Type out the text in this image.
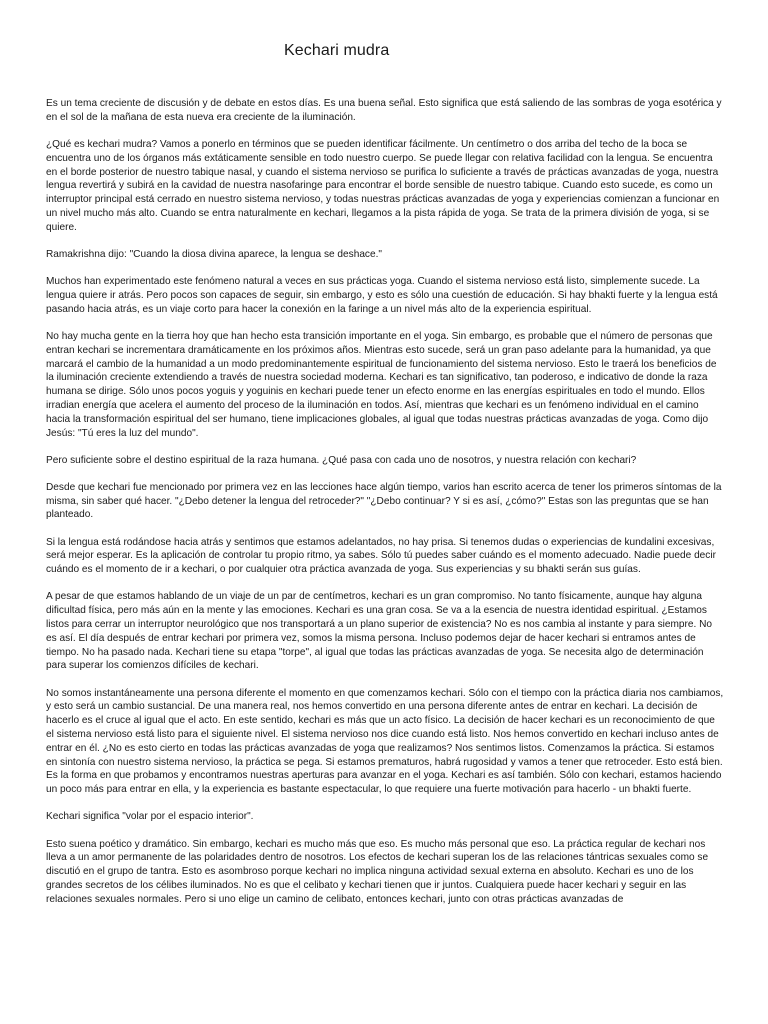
Kechari mudra

Es un tema creciente de discusión y de debate en estos días. Es una buena señal. Esto significa que está saliendo de las sombras de yoga esotérica y en el sol de la mañana de esta nueva era creciente de la iluminación.

¿Qué es kechari mudra? Vamos a ponerlo en términos que se pueden identificar fácilmente. Un centímetro o dos arriba del techo de la boca se encuentra uno de los órganos más extáticamente sensible en todo nuestro cuerpo. Se puede llegar con relativa facilidad con la lengua. Se encuentra en el borde posterior de nuestro tabique nasal, y cuando el sistema nervioso se purifica lo suficiente a través de prácticas avanzadas de yoga, nuestra lengua revertirá y subirá en la cavidad de nuestra nasofaringe para encontrar el borde sensible de nuestro tabique. Cuando esto sucede, es como un interruptor principal está cerrado en nuestro sistema nervioso, y todas nuestras prácticas avanzadas de yoga y experiencias comienzan a funcionar en un nivel mucho más alto. Cuando se entra naturalmente en kechari, llegamos a la pista rápida de yoga. Se trata de la primera división de yoga, si se quiere.

Ramakrishna dijo: "Cuando la diosa divina aparece, la lengua se deshace."

Muchos han experimentado este fenómeno natural a veces en sus prácticas yoga. Cuando el sistema nervioso está listo, simplemente sucede. La lengua quiere ir atrás. Pero pocos son capaces de seguir, sin embargo, y esto es sólo una cuestión de educación. Si hay bhakti fuerte y la lengua está pasando hacia atrás, es un viaje corto para hacer la conexión en la faringe a un nivel más alto de la experiencia espiritual.

No hay mucha gente en la tierra hoy que han hecho esta transición importante en el yoga. Sin embargo, es probable que el número de personas que entran kechari se incrementara dramáticamente en los próximos años. Mientras esto sucede, será un gran paso adelante para la humanidad, ya que marcará el cambio de la humanidad a un modo predominantemente espiritual de funcionamiento del sistema nervioso. Esto le traerá los beneficios de la iluminación creciente extendiendo a través de nuestra sociedad moderna. Kechari es tan significativo, tan poderoso, e indicativo de donde la raza humana se dirige. Sólo unos pocos yoguis y yoguinis en kechari puede tener un efecto enorme en las energías espirituales en todo el mundo. Ellos irradian energía que acelera el aumento del proceso de la iluminación en todos. Así, mientras que kechari es un fenómeno individual en el camino hacia la transformación espiritual del ser humano, tiene implicaciones globales, al igual que todas nuestras prácticas avanzadas de yoga. Como dijo Jesús: "Tú eres la luz del mundo".

Pero suficiente sobre el destino espiritual de la raza humana. ¿Qué pasa con cada uno de nosotros, y nuestra relación con kechari?

Desde que kechari fue mencionado por primera vez en las lecciones hace algún tiempo, varios han escrito acerca de tener los primeros síntomas de la misma, sin saber qué hacer. "¿Debo detener la lengua del retroceder?" "¿Debo continuar? Y si es así, ¿cómo?" Estas son las preguntas que se han planteado.

Si la lengua está rodándose hacia atrás y sentimos que estamos adelantados, no hay prisa. Si tenemos dudas o experiencias de kundalini excesivas, será mejor esperar. Es la aplicación de controlar tu propio ritmo, ya sabes. Sólo tú puedes saber cuándo es el momento adecuado. Nadie puede decir cuándo es el momento de ir a kechari, o por cualquier otra práctica avanzada de yoga. Sus experiencias y su bhakti serán sus guías.

A pesar de que estamos hablando de un viaje de un par de centímetros, kechari es un gran compromiso. No tanto físicamente, aunque hay alguna dificultad física, pero más aún en la mente y las emociones. Kechari es una gran cosa. Se va a la esencia de nuestra identidad espiritual. ¿Estamos listos para cerrar un interruptor neurológico que nos transportará a un plano superior de existencia? No es nos cambia al instante y para siempre. No es así. El día después de entrar kechari por primera vez, somos la misma persona. Incluso podemos dejar de hacer kechari si entramos antes de tiempo. No ha pasado nada. Kechari tiene su etapa "torpe", al igual que todas las prácticas avanzadas de yoga. Se necesita algo de determinación para superar los comienzos difíciles de kechari.

No somos instantáneamente una persona diferente el momento en que comenzamos kechari. Sólo con el tiempo con la práctica diaria nos cambiamos, y esto será un cambio sustancial. De una manera real, nos hemos convertido en una persona diferente antes de entrar en kechari. La decisión de hacerlo es el cruce al igual que el acto. En este sentido, kechari es más que un acto físico. La decisión de hacer kechari es un reconocimiento de que el sistema nervioso está listo para el siguiente nivel. El sistema nervioso nos dice cuando está listo. Nos hemos convertido en kechari incluso antes de entrar en él. ¿No es esto cierto en todas las prácticas avanzadas de yoga que realizamos? Nos sentimos listos. Comenzamos la práctica. Si estamos en sintonía con nuestro sistema nervioso, la práctica se pega. Si estamos prematuros, habrá rugosidad y vamos a tener que retroceder. Esto está bien. Es la forma en que probamos y encontramos nuestras aperturas para avanzar en el yoga. Kechari es así también. Sólo con kechari, estamos haciendo un poco más para entrar en ella, y la experiencia es bastante espectacular, lo que requiere una fuerte motivación para hacerlo - un bhakti fuerte.

Kechari significa "volar por el espacio interior".

Esto suena poético y dramático. Sin embargo, kechari es mucho más que eso. Es mucho más personal que eso. La práctica regular de kechari nos lleva a un amor permanente de las polaridades dentro de nosotros. Los efectos de kechari superan los de las relaciones tántricas sexuales como se discutió en el grupo de tantra. Esto es asombroso porque kechari no implica ninguna actividad sexual externa en absoluto. Kechari es uno de los grandes secretos de los célibes iluminados. No es que el celibato y kechari tienen que ir juntos. Cualquiera puede hacer kechari y seguir en las relaciones sexuales normales. Pero si uno elige un camino de celibato, entonces kechari, junto con otras prácticas avanzadas de
